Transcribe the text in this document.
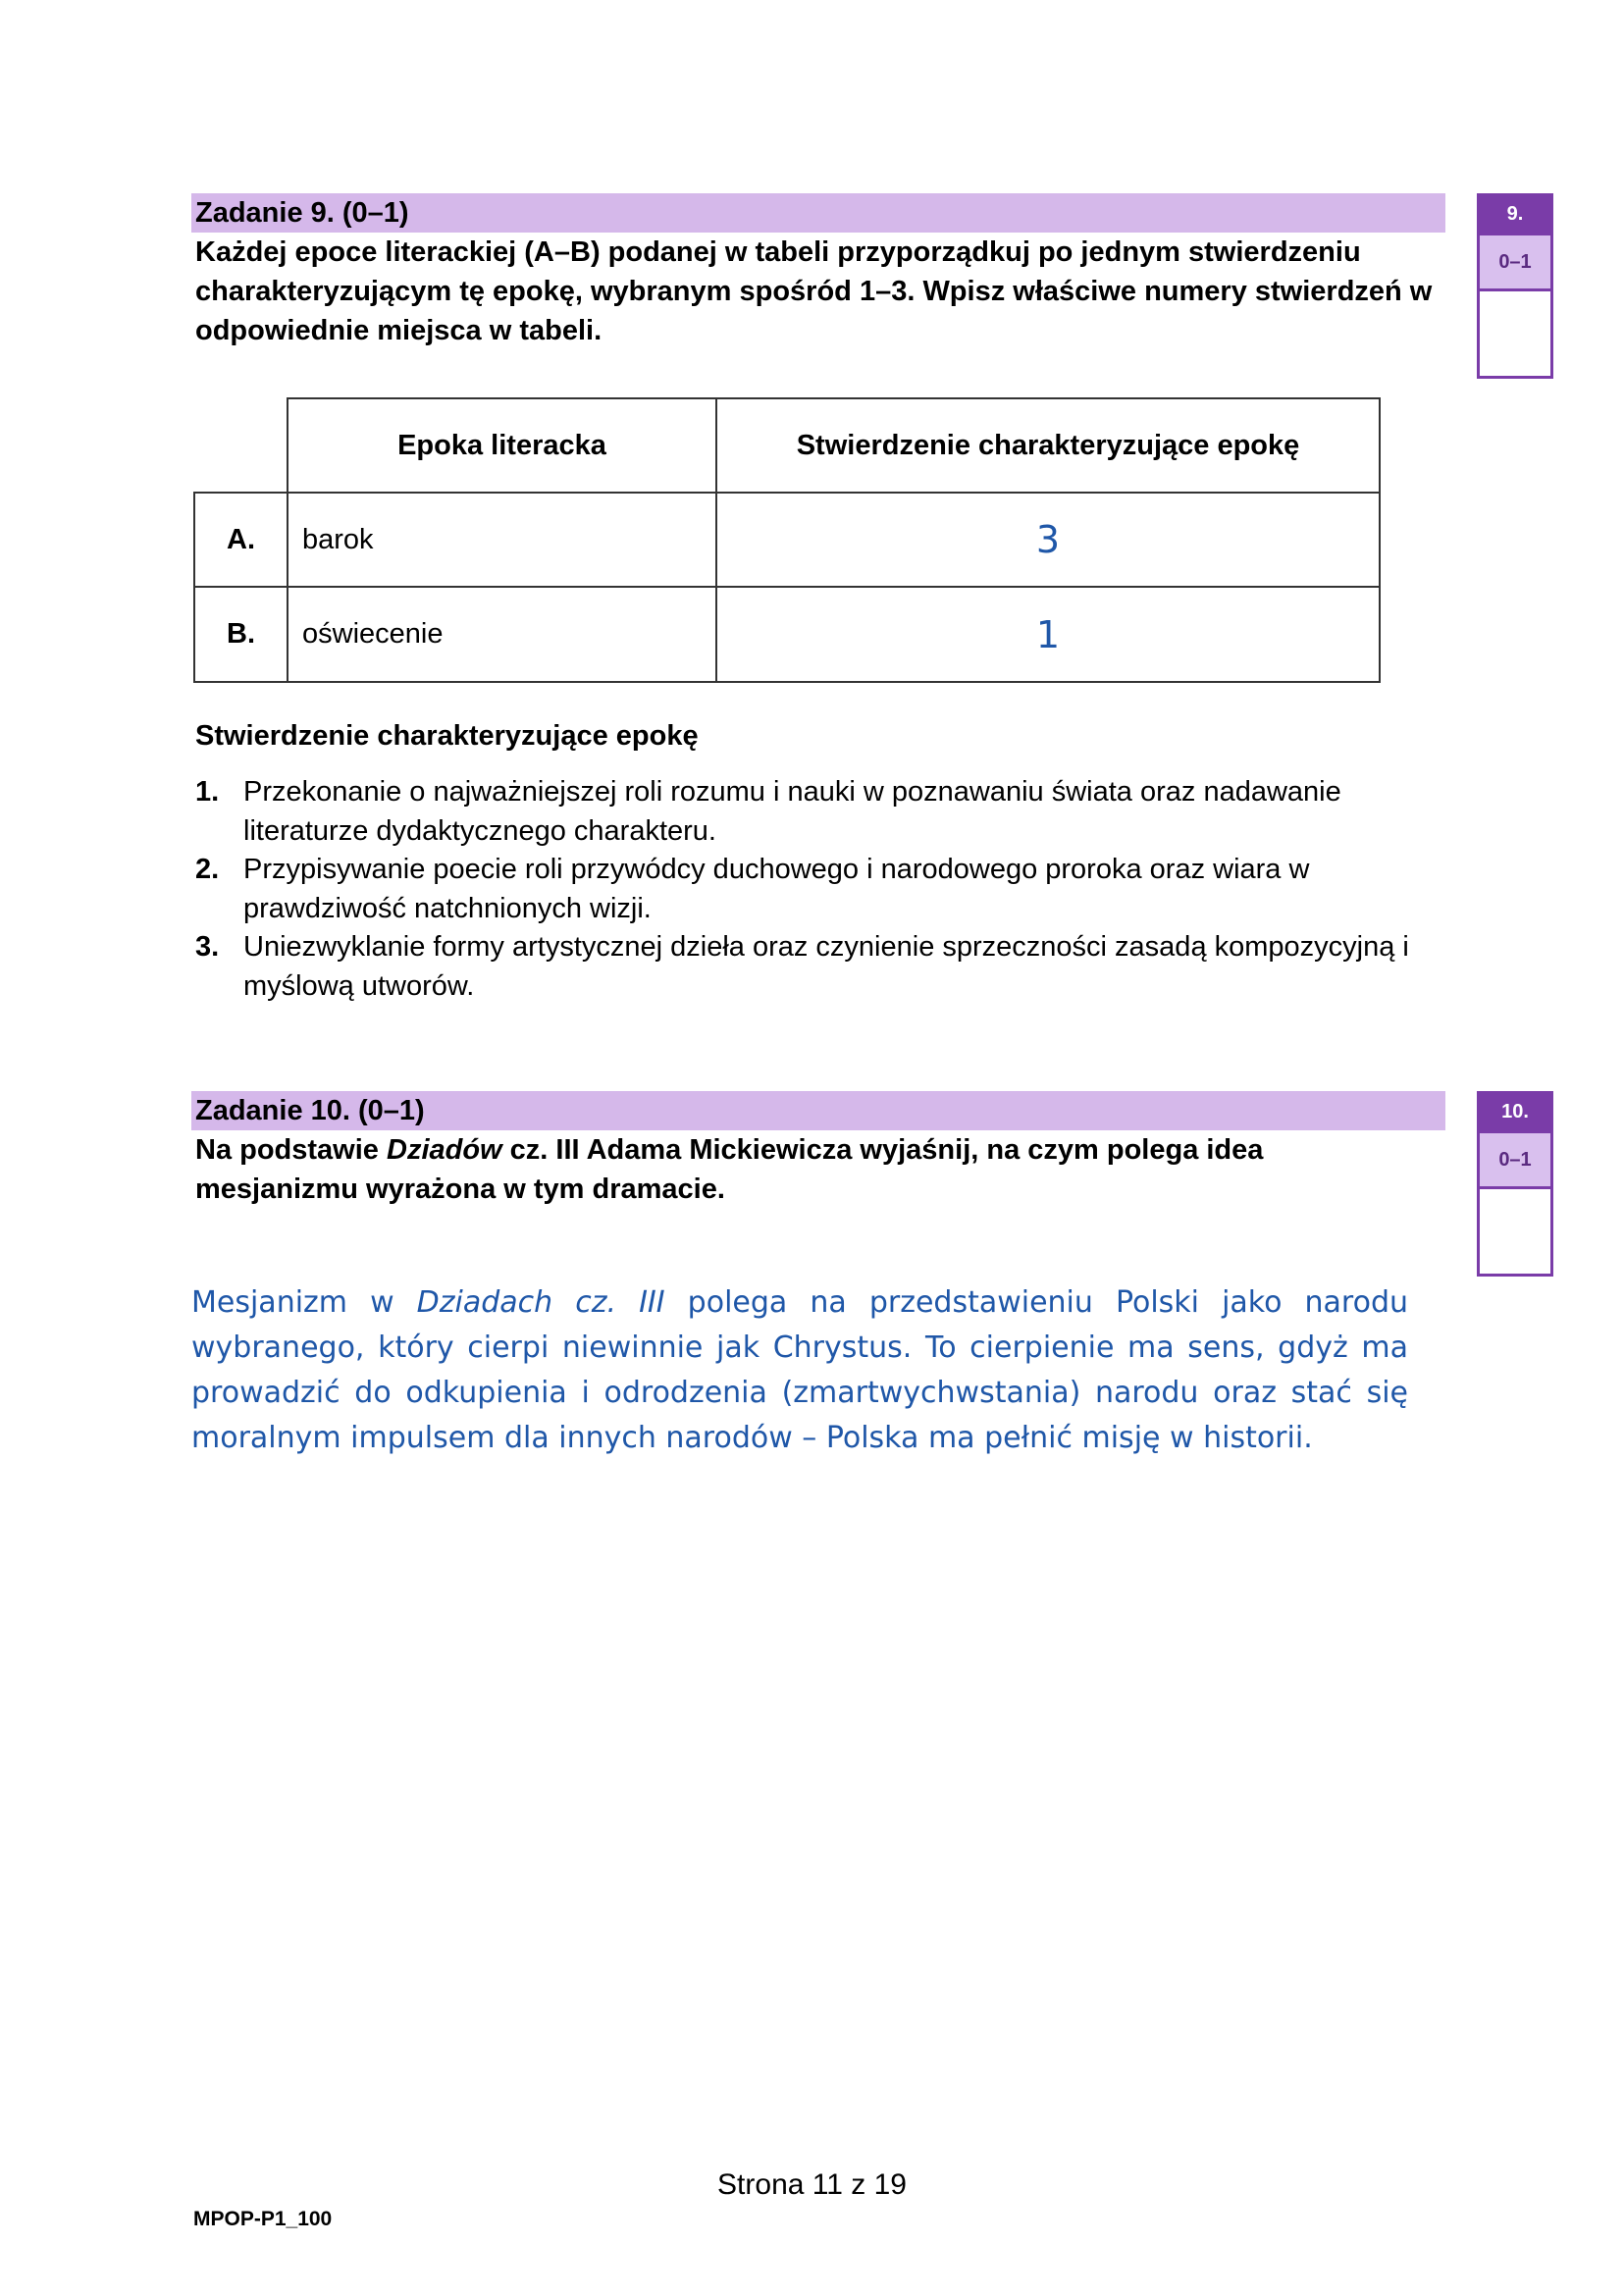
Zadanie 9. (0–1)
Każdej epoce literackiej (A–B) podanej w tabeli przyporządkuj po jednym stwierdzeniu charakteryzującym tę epokę, wybranym spośród 1–3. Wpisz właściwe numery stwierdzeń w odpowiednie miejsca w tabeli.
9.
0–1
Epoka literacka	Stwierdzenie charakteryzujące epokę
A.	barok	3
B.	oświecenie	1
Stwierdzenie charakteryzujące epokę
1. Przekonanie o najważniejszej roli rozumu i nauki w poznawaniu świata oraz nadawanie literaturze dydaktycznego charakteru.
2. Przypisywanie poecie roli przywódcy duchowego i narodowego proroka oraz wiara w prawdziwość natchnionych wizji.
3. Uniezwyklanie formy artystycznej dzieła oraz czynienie sprzeczności zasadą kompozycyjną i myślową utworów.
Zadanie 10. (0–1)
Na podstawie Dziadów cz. III Adama Mickiewicza wyjaśnij, na czym polega idea mesjanizmu wyrażona w tym dramacie.
10.
0–1
Mesjanizm w Dziadach cz. III polega na przedstawieniu Polski jako narodu wybranego, który cierpi niewinnie jak Chrystus. To cierpienie ma sens, gdyż ma prowadzić do odkupienia i odrodzenia (zmartwychwstania) narodu oraz stać się moralnym impulsem dla innych narodów – Polska ma pełnić misję w historii.
Strona 11 z 19
MPOP-P1_100
